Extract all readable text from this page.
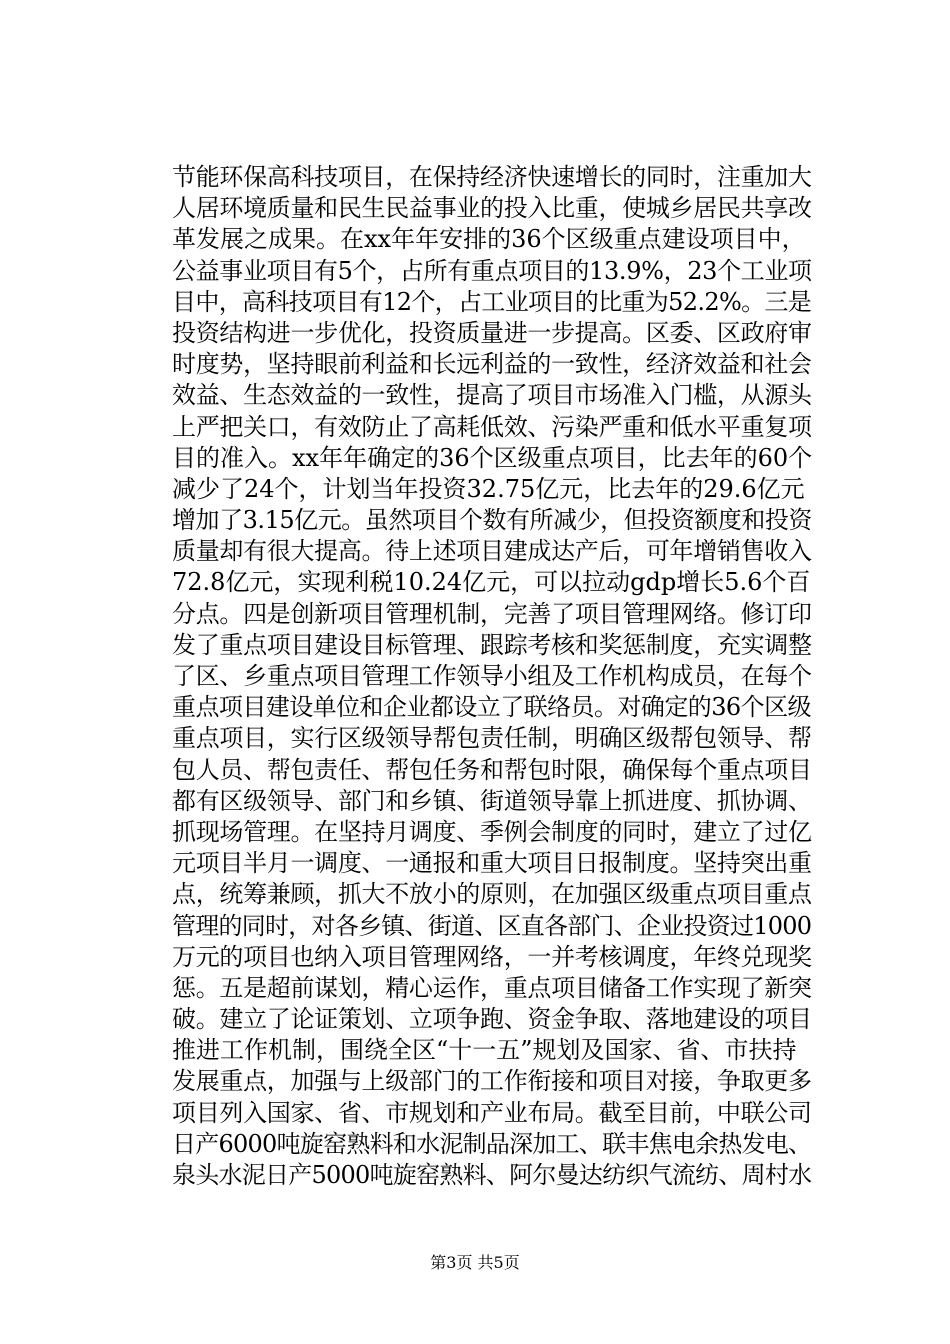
节能环保高科技项目，在保持经济快速增长的同时，注重加大
人居环境质量和民生民益事业的投入比重，使城乡居民共享改
革发展之成果。在xx年年安排的36个区级重点建设项目中，
公益事业项目有5个，占所有重点项目的13.9%，23个工业项
目中，高科技项目有12个，占工业项目的比重为52.2%。三是
投资结构进一步优化，投资质量进一步提高。区委、区政府审
时度势，坚持眼前利益和长远利益的一致性，经济效益和社会
效益、生态效益的一致性，提高了项目市场准入门槛，从源头
上严把关口，有效防止了高耗低效、污染严重和低水平重复项
目的准入。xx年年确定的36个区级重点项目，比去年的60个
减少了24个，计划当年投资32.75亿元，比去年的29.6亿元
增加了3.15亿元。虽然项目个数有所减少，但投资额度和投资
质量却有很大提高。待上述项目建成达产后，可年增销售收入
72.8亿元，实现利税10.24亿元，可以拉动gdp增长5.6个百
分点。四是创新项目管理机制，完善了项目管理网络。修订印
发了重点项目建设目标管理、跟踪考核和奖惩制度，充实调整
了区、乡重点项目管理工作领导小组及工作机构成员，在每个
重点项目建设单位和企业都设立了联络员。对确定的36个区级
重点项目，实行区级领导帮包责任制，明确区级帮包领导、帮
包人员、帮包责任、帮包任务和帮包时限，确保每个重点项目
都有区级领导、部门和乡镇、街道领导靠上抓进度、抓协调、
抓现场管理。在坚持月调度、季例会制度的同时，建立了过亿
元项目半月一调度、一通报和重大项目日报制度。坚持突出重
点，统筹兼顾，抓大不放小的原则，在加强区级重点项目重点
管理的同时，对各乡镇、街道、区直各部门、企业投资过1000
万元的项目也纳入项目管理网络，一并考核调度，年终兑现奖
惩。五是超前谋划，精心运作，重点项目储备工作实现了新突
破。建立了论证策划、立项争跑、资金争取、落地建设的项目
推进工作机制，围绕全区“十一五”规划及国家、省、市扶持
发展重点，加强与上级部门的工作衔接和项目对接，争取更多
项目列入国家、省、市规划和产业布局。截至目前，中联公司
日产6000吨旋窑熟料和水泥制品深加工、联丰焦电余热发电、
泉头水泥日产5000吨旋窑熟料、阿尔曼达纺织气流纺、周村水
第3页 共5页
